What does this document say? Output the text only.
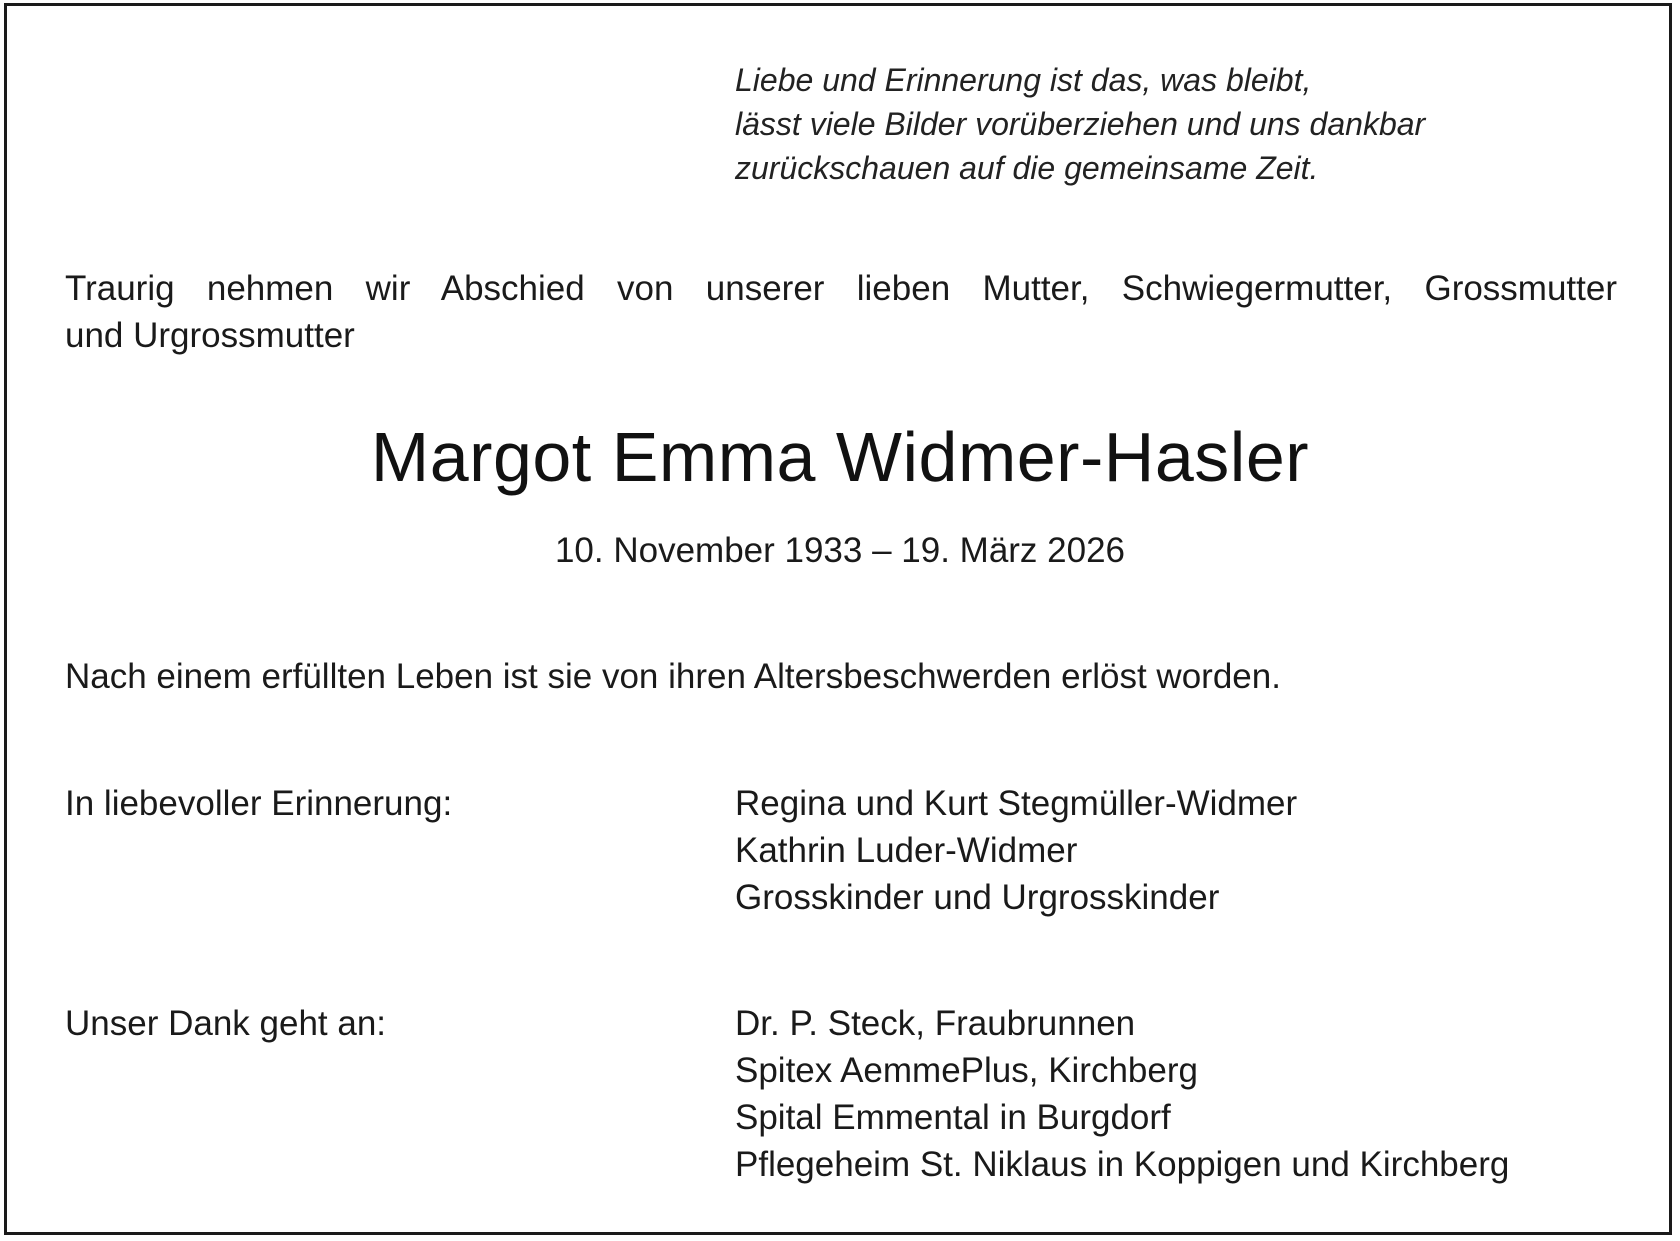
Liebe und Erinnerung ist das, was bleibt,
lässt viele Bilder vorüberziehen und uns dankbar
zurückschauen auf die gemeinsame Zeit.
Traurig nehmen wir Abschied von unserer lieben Mutter, Schwiegermutter, Grossmutter
und Urgrossmutter
Margot Emma Widmer-Hasler
10. November 1933 – 19. März 2026
Nach einem erfüllten Leben ist sie von ihren Altersbeschwerden erlöst worden.
In liebevoller Erinnerung:	Regina und Kurt Stegmüller-Widmer
Kathrin Luder-Widmer
Grosskinder und Urgrosskinder
Unser Dank geht an:	Dr. P. Steck, Fraubrunnen
Spitex AemmePlus, Kirchberg
Spital Emmental in Burgdorf
Pflegeheim St. Niklaus in Koppigen und Kirchberg
